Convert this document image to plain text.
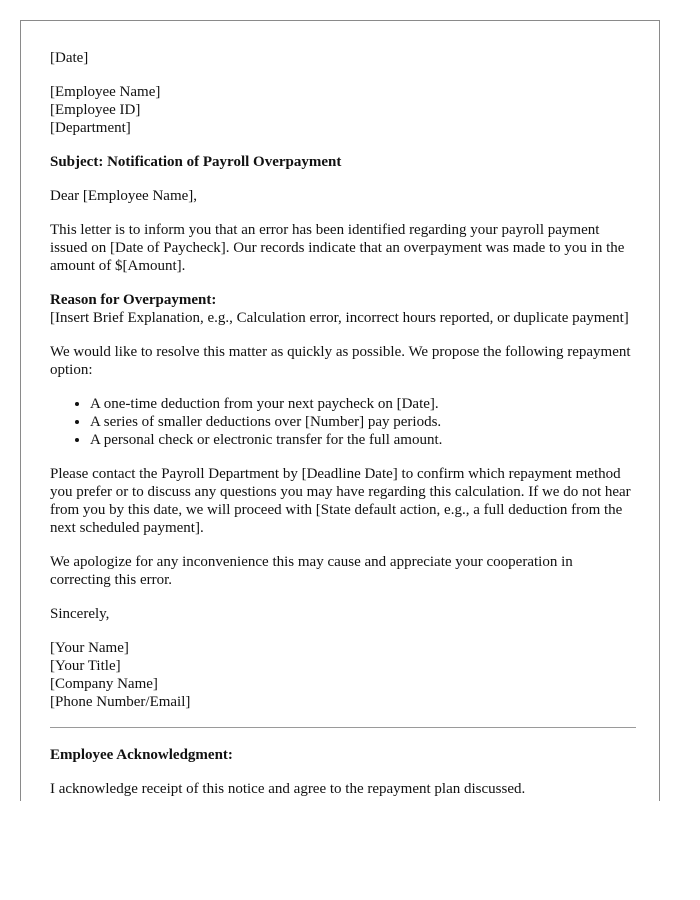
[Date]

[Employee Name]
[Employee ID]
[Department]

Subject: Notification of Payroll Overpayment

Dear [Employee Name],

This letter is to inform you that an error has been identified regarding your payroll payment issued on [Date of Paycheck]. Our records indicate that an overpayment was made to you in the amount of $[Amount].

Reason for Overpayment:
[Insert Brief Explanation, e.g., Calculation error, incorrect hours reported, or duplicate payment]

We would like to resolve this matter as quickly as possible. We propose the following repayment option:

• A one-time deduction from your next paycheck on [Date].
• A series of smaller deductions over [Number] pay periods.
• A personal check or electronic transfer for the full amount.

Please contact the Payroll Department by [Deadline Date] to confirm which repayment method you prefer or to discuss any questions you may have regarding this calculation. If we do not hear from you by this date, we will proceed with [State default action, e.g., a full deduction from the next scheduled payment].

We apologize for any inconvenience this may cause and appreciate your cooperation in correcting this error.

Sincerely,

[Your Name]
[Your Title]
[Company Name]
[Phone Number/Email]

Employee Acknowledgment:

I acknowledge receipt of this notice and agree to the repayment plan discussed.
